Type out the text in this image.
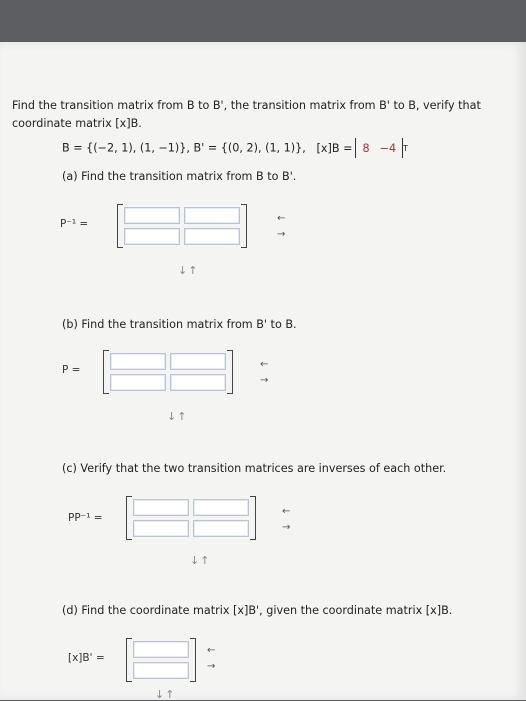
Find the transition matrix from B to B', the transition matrix from B' to B, verify that coordinate matrix [x]B.
B = {(−2, 1), (1, −1)}, B' = {(0, 2), (1, 1)}, [x]B = 8 −4 T
(a) Find the transition matrix from B to B'.
P⁻¹ =	←
→
↓↑
(b) Find the transition matrix from B' to B.
P =	←
→
↓↑
(c) Verify that the two transition matrices are inverses of each other.
PP⁻¹ =
←
→
↓↑
(d) Find the coordinate matrix [x]B', given the coordinate matrix [x]B.
[x]B' =
←
→
↓↑
